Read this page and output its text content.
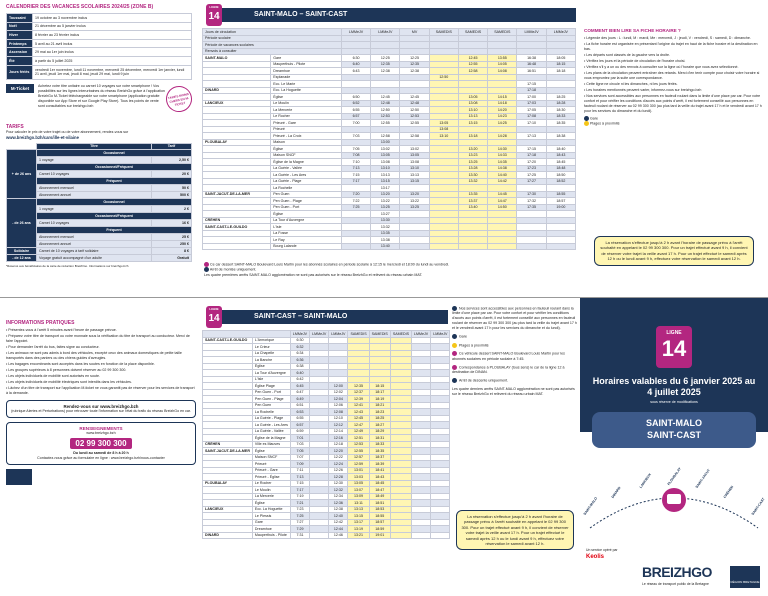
CALENDRIER DES VACANCES SCOLAIRES 2024/25 (ZONE B)
Toussaint	19 octobre au 3 novembre inclus
Noël	21 décembre au 5 janvier inclus
Hiver	8 février au 23 février inclus
Printemps	5 avril au 21 avril inclus
Ascension	29 mai au 1er juin inclus
Été	à partir du 5 juillet 2025
Jours fériés	vendredi 1er novembre, lundi 11 novembre, mercredi 25 décembre, mercredi 1er janvier, lundi 21 avril, jeudi 1er mai, jeudi 8 mai, jeudi 29 mai, lundi 9 juin
M-Ticket	Achetez votre titre unitaire ou carnet 10 voyages sur votre smartphone ! Vos possibilités sur les lignes interurbaines du réseau BreizhGo grâce à l'application BreizhGo M-Ticket téléchargeable sur votre smartphone (application gratuite disponible sur App Store et sur Google Play Store). Tous les points de vente sont consultables sur breizhgo.bzh
TARIFS MOINS CHERS EN M-TICKET
TARIFS
Pour calculer le prix de votre trajet ou de votre abonnement, rendez-vous sur
www.breizhgo.bzh/cars/ille-et-vilaine
	Titre	Tarif
+ de 26 ans	Occasionnel	
	1 voyage	2,50 €
	Occasionnel/Fréquent	
	Carnet 10 voyages	20 €
	Fréquent	
	Abonnement mensuel	50 €
	Abonnement annuel	500 €
- de 26 ans	Occasionnel	
	1 voyage	2 €
	Occasionnel/Fréquent	
	Carnet 10 voyages	16 €
	Fréquent	
	Abonnement mensuel	25 €
	Abonnement annuel	250 €
Solidaire	Carnet de 10 voyages à tarif solidaire	8 €
- de 12 ans	Voyage gratuit accompagné d'un adulte	Gratuit
*Réservé aux bénéficiaires de la carte de réduction BreizhGo. Informations sur breizhgo.bzh
LIGNE
14	SAINT-MALO – SAINT-CAST
Jours de circulation		LMMeJV	LMMeJV	MV	SAMEDIS	SAMEDIS	SAMEDIS	LMMeJV	LMMeJV
Période scolaire									
Période de vacances scolaires									
Renvois à consulter									
SAINT-MALO	Gare	6:30	12:25	12:25		12:45	13:55	16:38	18:05
	Mauperthuis - Pilote	6:40	12:35	12:35		12:55	14:05	16:48	18:15
	Dreamhoe	6:43	12:38	12:38		12:58	14:08	16:51	18:18
	Esplanade				12:50				
	Ecc. Le Marie							17:15	
DINARD	Ecc. La Hoguette							17:18	
	Église	6:50	12:45	12:45		13:05	14:15	17:00	18:25
LANCIEUX	Le Moulin	6:52	12:48	12:48		13:08	14:18	17:03	18:28
	La Mercerie	6:55	12:50	12:50		13:10	14:20	17:05	18:30
	Le Rocher	6:57	12:53	12:53		13:13	14:23	17:08	18:33
	Prieuré - Gare	7:00	12:55	12:55	13:05	13:15	14:25	17:10	18:35
	Prieuré				13:08				
	Prieuré - La Croix	7:03	12:58	12:58	13:10	13:18	14:28	17:13	18:38
PLOUBALAY	Maison		13:00						
	Église	7:05	13:02	13:02		13:20	14:30	17:15	18:40
	Maison SNCF	7:08	13:05	13:05		13:23	14:33	17:18	18:43
	Église de la Magne	7:10	13:08	13:08		13:25	14:35	17:20	18:45
	La Guérie - Vallée	7:13	13:10	13:10		13:28	14:38	17:23	18:48
	La Guérie - Les Ares	7:15	13:13	13:13		13:30	14:40	17:25	18:50
	La Guérie - Plage	7:17	13:15	13:15		13:32	14:42	17:27	18:52
	La Rochelle		13:17						
SAINT-JACUT-DE-LA-MER	Pen Guen	7:20	13:20	13:20		13:35	14:45	17:30	18:55
	Pen Guen - Plage	7:22	13:22	13:22		13:37	14:47	17:32	18:57
	Pen Guen - Port	7:25	13:25	13:25		13:40	14:50	17:35	19:00
	Église		13:27						
CRÉHEN	La Tour d'Auvergne		13:30						
SAINT-CAST-LE-GUILDO	L'Isle		13:32						
	La Fosse		13:35						
	Le Ray		13:38						
	Bourg Lalande		13:40						
Ce car dessert SAINT-MALO Boulevard Louis Martin pour les abonnés scolaires en période scolaire à 12:15 le mercredi et 18:00 du lundi au vendredi.
Arrêt de montée uniquement.
Les quatre premières arrêts SAINT-MALO agglomération ne sont pas autorisés sur le réseau BreizhGo et relèvent du réseau urbain MAT.
COMMENT BIEN LIRE SA FICHE HORAIRE ?
• Légende des jours : L : lundi, M : mardi, Me : mercredi, J : jeudi, V : vendredi, S : samedi, D : dimanche.
• La fiche horaire est organisée en présentant l'origine du trajet en haut de la fiche horaire et la destination en bas.
• Les départs sont classés de la gauche vers la droite.
• Vérifiez les jours et la période de circulation de l'horaire choisi.
• Vérifiez s'il y a un ou des renvois à consulter sur la ligne où l'horaire que vous avez sélectionné.
• Les plans de la circulation peuvent entraîner des retards. Merci d'en tenir compte pour choisir votre horaire si vous empruntez par la suite une correspondance.
• Cette ligne ne circule ni les dimanches, ni les jours fériés.
• Les horaires mentionnés peuvent varier, informez-vous sur breizhgo.bzh
• Nos services sont accessibles aux personnes en fauteuil roulant dans la limite d'une place par car. Pour votre confort et pour vérifier les conditions d'accès aux points d'arrêt, il est fortement conseillé aux personnes en fauteuil roulant de réserver au 02 99 300 300 (au plus tard la veille du trajet avant 17 h et le vendredi avant 17 h pour les services du dimanche et du lundi).
Gare
Plages à proximité
La réservation s'effectue jusqu'à 2 h avant l'horaire de passage prévu à l'arrêt souhaité en appelant le 02 99 300 300. Pour un trajet effectué avant 9 h, il convient de réserver votre trajet la veille avant 17 h. Pour un trajet effectué le samedi après 12 h ou le lundi avant 9 h, effectuez votre réservation le samedi avant 12 h.
INFORMATIONS PRATIQUES
• Présentez-vous à l'arrêt 5 minutes avant l'heure de passage prévue.
• Préparez votre titre de transport ou votre monnaie sous la vérification du titre de transport au conducteur. Merci de faire l'appoint.
• Pour demander l'arrêt du bus, faites signe au conducteur.
• Les animaux ne sont pas admis à bord des véhicules, excepté ceux des animaux domestiques de petite taille transportés dans des paniers ou des chiens guides d'aveugles.
• Les bagages encombrants sont acceptés dans les soutes en fonction de la place disponible.
• Les groupes supérieurs à 8 personnes doivent réserver au 02 99 300 300.
• Les objets individuels de mobilité sont autorisés en soute.
• Les objets individuels de mobilité électriques sont interdits dans les véhicules.
• Lâchez d'un titre de transport sur l'application M-ticket ne vous garantit pas de réserver pour les services de transport à la demande.
Rendez-vous sur www.breizhgo.bzh
(rubrique Alertes et Perturbations) pour retrouver toute l'information sur l'état du trafic du réseau BreizhGo en car.
RENSEIGNEMENTS
www.breizhgo.bzh
02 99 300 300
Du lundi au samedi de 8 h à 20 h
Contactez-nous grâce au formulaire en ligne : www.breizhgo.bzh/nous-contacter
LIGNE
14	SAINT-CAST – SAINT-MALO
		LMMeJV	LMMeJV	LMMeJV	SAMEDIS	SAMEDIS	SAMEDIS	LMMeJV	LMMeJV
SAINT-CAST-LE-GUILDO	L'Armorique	6:30							
	Le Crieur	6:32							
	La Chapelle	6:34							
	La Banche	6:36							
	Église	6:38							
	La Tour d'Auvergne	6:40							
	L'Isle	6:42							
	Église Plage	6:45		12:00	12:35	18:15			
	Pen Guen - Port	6:47		12:02	12:37	18:17			
	Pen Guen - Plage	6:49		12:04	12:39	18:19			
	Pen Guen	6:51		12:06	12:41	18:21			
	La Rochelle	6:53		12:08	12:43	18:23			
	La Guérie - Plage	6:55		12:10	12:45	18:25			
	La Guérie - Les Ares	6:57		12:12	12:47	18:27			
	La Guérie - Vallée	6:59		12:14	12:49	18:29			
	Église de la Magne	7:01		12:16	12:51	18:31			
CRÉHEN	Ville es Mauves	7:03		12:18	12:53	18:33			
SAINT-JACUT-DE-LA-MER	Église	7:05		12:20	12:55	18:35			
	Maison SNCF	7:07		12:22	12:57	18:37			
	Prieuré	7:09		12:24	12:59	18:39			
	Prieuré - Gare	7:11		12:26	13:01	18:41			
	Prieuré - Église	7:13		12:28	13:03	18:43			
PLOUBALAY	Le Rocher	7:15		12:30	13:05	18:45			
	Le Moulin	7:17		12:32	13:07	18:47			
	La Mercerie	7:19		12:34	13:09	18:49			
	Église	7:21		12:36	13:11	18:51			
LANCIEUX	Ecc. La Hoguette	7:23		12:38	13:13	18:53			
	Le Plessis	7:25		12:40	13:15	18:55			
	Gare	7:27		12:42	13:17	18:57			
	Dreamhoe	7:29		12:44	13:19	18:59			
DINARD	Mauperthuis - Pilote	7:31		12:46	13:21	19:01			
Nos services sont accessibles aux personnes en fauteuil roulant dans la limite d'une place par car. Pour votre confort et pour vérifier les conditions d'accès aux points d'arrêt, il est fortement conseillé aux personnes en fauteuil roulant de réserver au 02 99 300 300 (au plus tard la veille du trajet avant 17 h et le vendredi avant 17 h pour les services du dimanche et du lundi).
Gare
Plages à proximité
Ce véhicule dessert SAINT-MALO Boulevard Louis Martin pour les abonnés scolaires en période scolaire à 7:45.
Correspondance à PLOUBALAY (tous sens) le car de la ligne 12 à destination de DINAN.
Arrêt de descente uniquement.
Les quatre derniers arrêts SAINT-MALO agglomération ne sont pas autorisés sur le réseau BreizhGo et relèvent du réseau urbain MAT.
La réservation s'effectue jusqu'à 2 h avant l'horaire de passage prévu à l'arrêt souhaité en appelant le 02 99 300 300. Pour un trajet effectué avant 9 h, il convient de réserver votre trajet la veille avant 17 h. Pour un trajet effectué le samedi après 12 h ou le lundi avant 9 h, effectuez votre réservation le samedi avant 12 h.
LIGNE
14
Horaires valables du 6 janvier 2025 au 4 juillet 2025
sous réserve de modifications
SAINT-MALO
SAINT-CAST
SAINT-MALO
DINARD
LANCIEUX	PLOUBALAY	SAINT-JACUT
CRÉHEN
SAINT-CAST
Un service opéré par
Keolis
BREIZHGO
Le réseau de transport public de la Bretagne	RÉGION BRETAGNE
